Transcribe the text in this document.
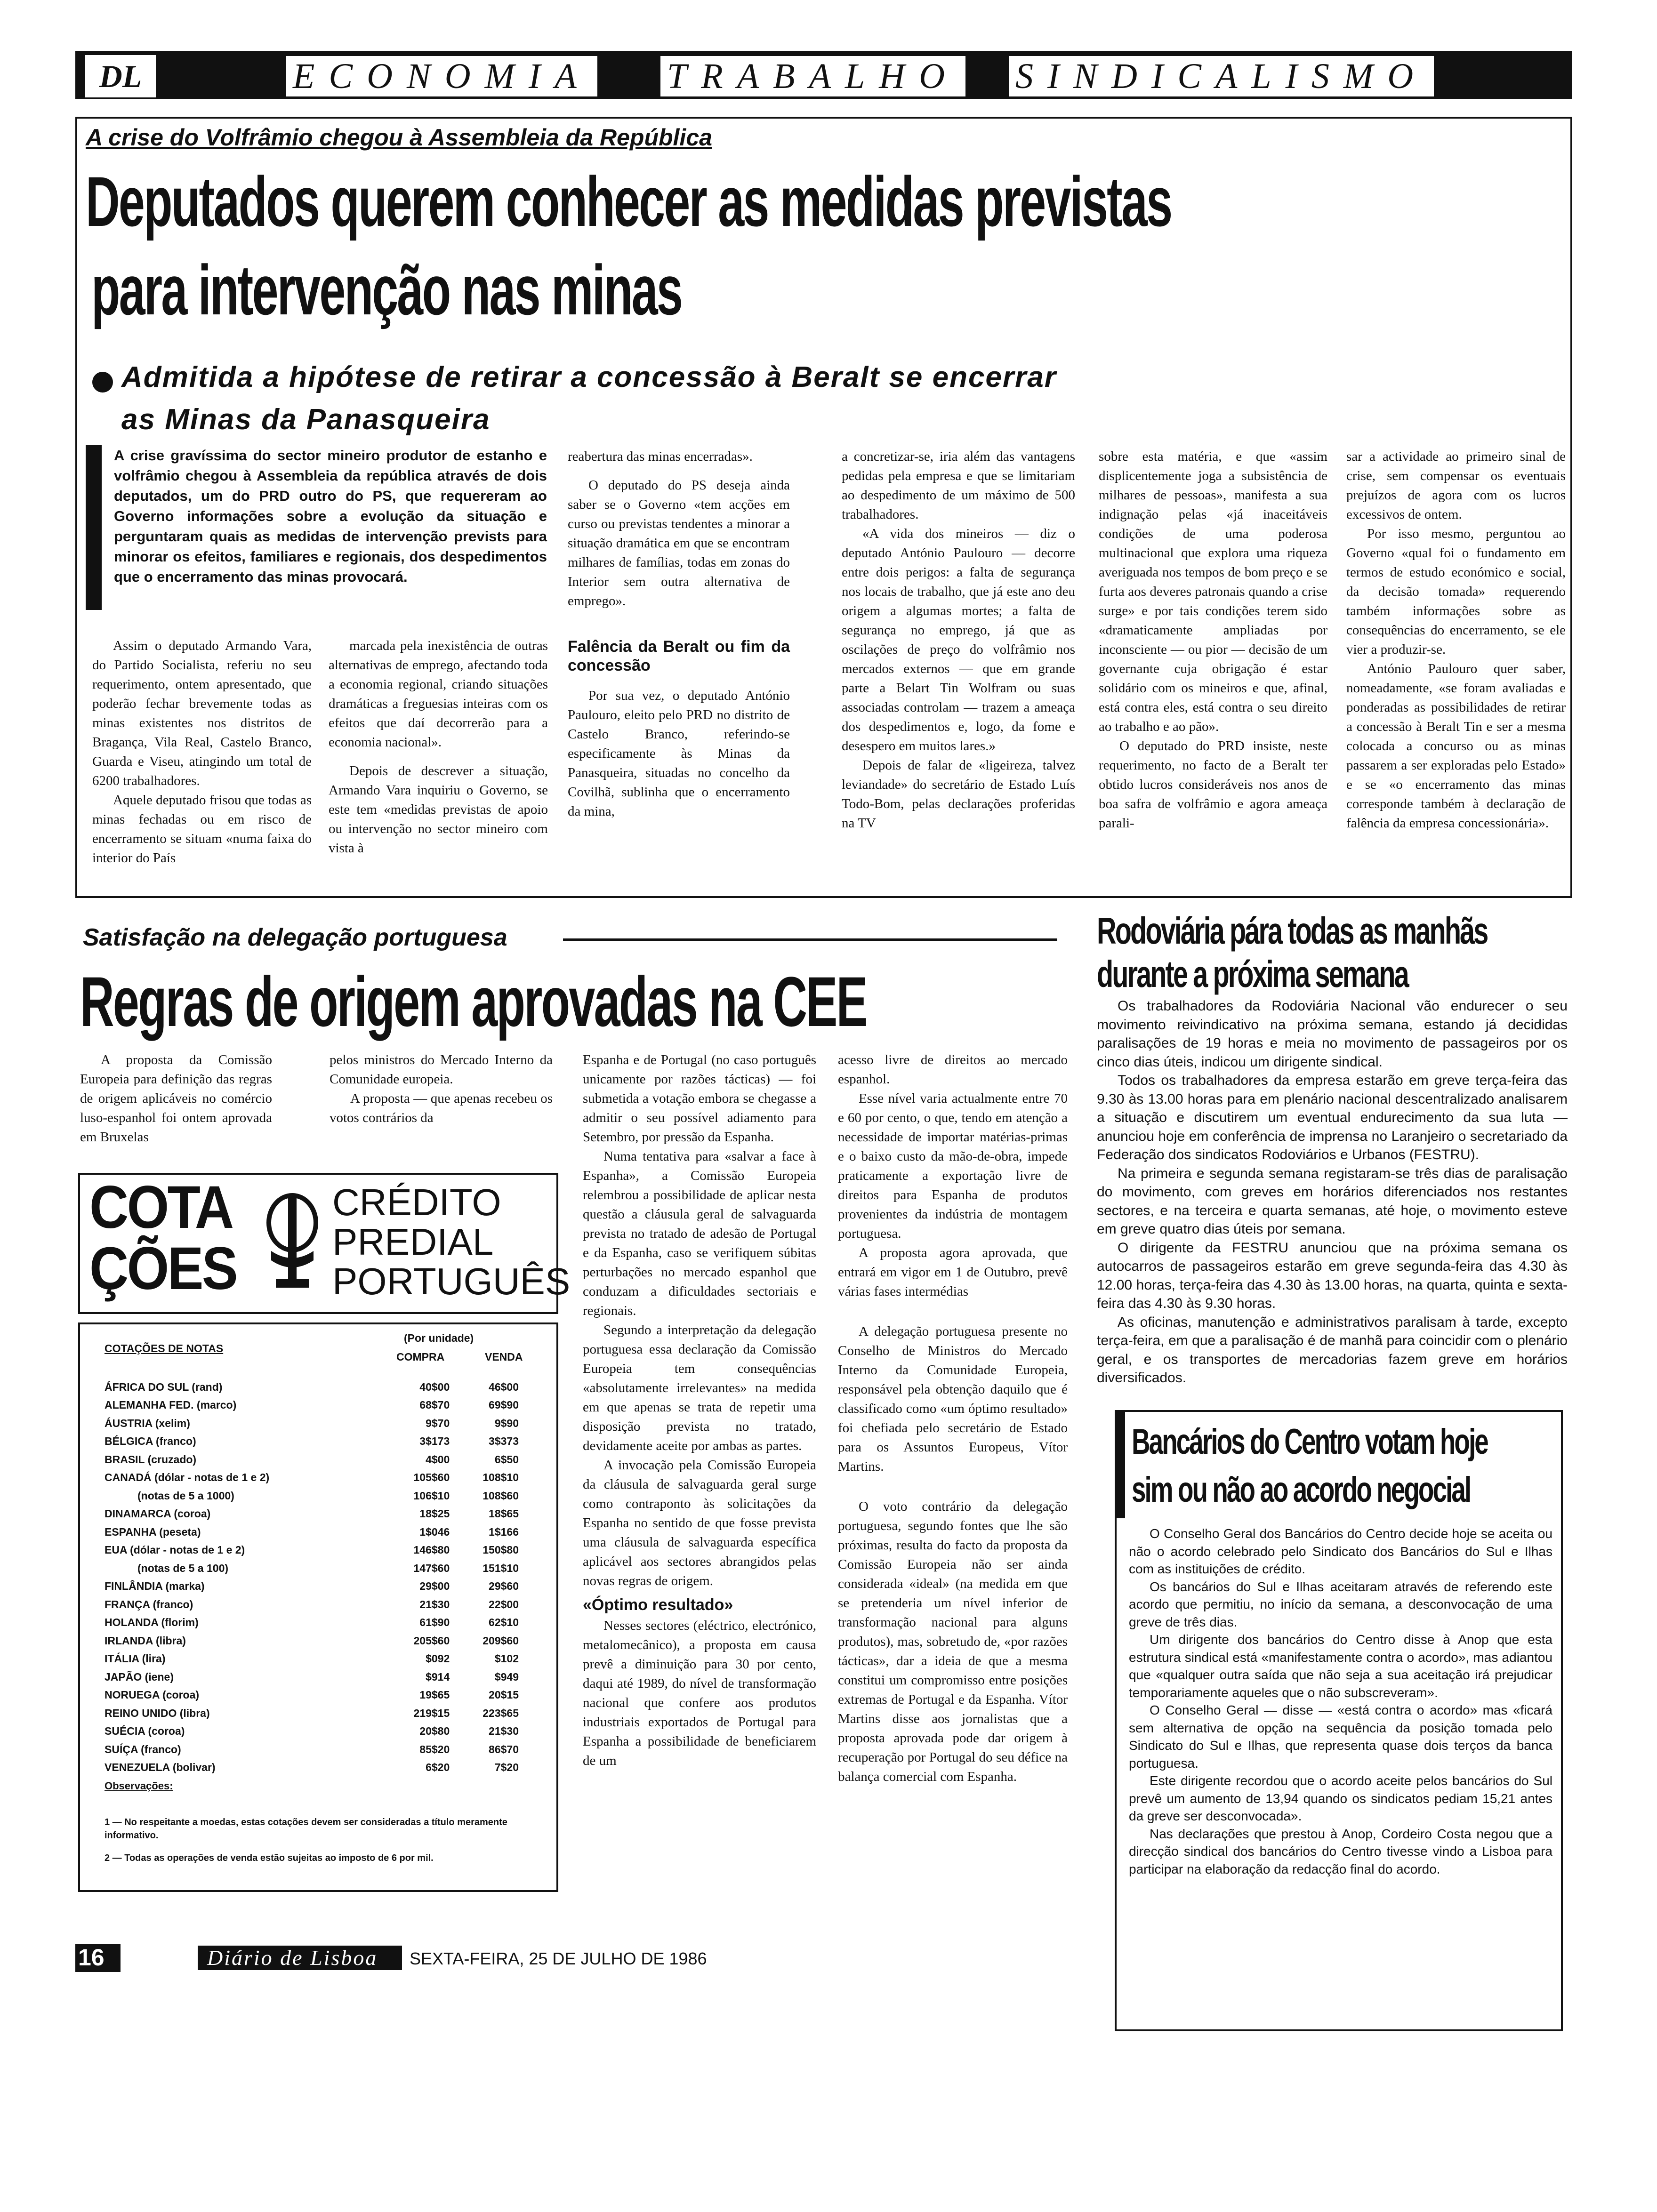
DL	ECONOMIA TRABALHO SINDICALISMO
A crise do Volfrâmio chegou à Assembleia da República
Deputados querem conhecer as medidas previstas
para intervenção nas minas
Admitida a hipótese de retirar a concessão à Beralt se encerrar
as Minas da Panasqueira
A crise gravíssima do sector mineiro produtor de estanho e volfrâmio chegou à Assembleia da república através de dois deputados, um do PRD outro do PS, que requereram ao Governo informações sobre a evolução da situação e perguntaram quais as medidas de intervenção prevists para minorar os efeitos, familiares e regionais, dos despedimentos que o encerramento das minas provocará.

Assim o deputado Armando Vara, do Partido Socialista, referiu no seu requerimento, ontem apresentado, que poderão fechar brevemente todas as minas existentes nos distritos de Bragança, Vila Real, Castelo Branco, Guarda e Viseu, atingindo um total de 6200 trabalhadores.

Aquele deputado frisou que todas as minas fechadas ou em risco de encerramento se situam «numa faixa do interior do País

marcada pela inexistência de outras alternativas de emprego, afectando toda a economia regional, criando situações dramáticas a freguesias inteiras com os efeitos que daí decorrerão para a economia nacional».

Depois de descrever a situação, Armando Vara inquiriu o Governo, se este tem «medidas previstas de apoio ou intervenção no sector mineiro com vista à

reabertura das minas encerradas».

O deputado do PS deseja ainda saber se o Governo «tem acções em curso ou previstas tendentes a minorar a situação dramática em que se encontram milhares de famílias, todas em zonas do Interior sem outra alternativa de emprego».

Falência da Beralt ou fim da concessão

Por sua vez, o deputado António Paulouro, eleito pelo PRD no distrito de Castelo Branco, referindo-se especificamente às Minas da Panasqueira, situadas no concelho da Covilhã, sublinha que o encerramento da mina,

a concretizar-se, iria além das vantagens pedidas pela empresa e que se limitariam ao despedimento de um máximo de 500 trabalhadores.

«A vida dos mineiros — diz o deputado António Paulouro — decorre entre dois perigos: a falta de segurança nos locais de trabalho, que já este ano deu origem a algumas mortes; a falta de segurança no emprego, já que as oscilações de preço do volfrâmio nos mercados externos — que em grande parte a Belart Tin Wolfram ou suas associadas controlam — trazem a ameaça dos despedimentos e, logo, da fome e desespero em muitos lares.»

Depois de falar de «ligeireza, talvez leviandade» do secretário de Estado Luís Todo-Bom, pelas declarações proferidas na TV

sobre esta matéria, e que «assim displicentemente joga a subsistência de milhares de pessoas», manifesta a sua indignação pelas «já inaceitáveis condições de uma poderosa multinacional que explora uma riqueza averiguada nos tempos de bom preço e se furta aos deveres patronais quando a crise surge» e por tais condições terem sido «dramaticamente ampliadas por inconsciente — ou pior — decisão de um governante cuja obrigação é estar solidário com os mineiros e que, afinal, está contra eles, está contra o seu direito ao trabalho e ao pão».

O deputado do PRD insiste, neste requerimento, no facto de a Beralt ter obtido lucros consideráveis nos anos de boa safra de volfrâmio e agora ameaça parali-

sar a actividade ao primeiro sinal de crise, sem compensar os eventuais prejuízos de agora com os lucros excessivos de ontem.

Por isso mesmo, perguntou ao Governo «qual foi o fundamento em termos de estudo económico e social, da decisão tomada» requerendo também informações sobre as consequências do encerramento, se ele vier a produzir-se.

António Paulouro quer saber, nomeadamente, «se foram avaliadas e ponderadas as possibilidades de retirar a concessão à Beralt Tin e ser a mesma colocada a concurso ou as minas passarem a ser exploradas pelo Estado» e se «o encerramento das minas corresponde também à declaração de falência da empresa concessionária».

Satisfação na delegação portuguesa
Regras de origem aprovadas na CEE

A proposta da Comissão Europeia para definição das regras de origem aplicáveis no comércio luso-espanhol foi ontem aprovada em Bruxelas

pelos ministros do Mercado Interno da Comunidade europeia.

A proposta — que apenas recebeu os votos contrários da

Espanha e de Portugal (no caso português unicamente por razões tácticas) — foi submetida a votação embora se chegasse a admitir o seu possível adiamento para Setembro, por pressão da Espanha.

Numa tentativa para «salvar a face à Espanha», a Comissão Europeia relembrou a possibilidade de aplicar nesta questão a cláusula geral de salvaguarda prevista no tratado de adesão de Portugal e da Espanha, caso se verifiquem súbitas perturbações no mercado espanhol que conduzam a dificuldades sectoriais e regionais.

Segundo a interpretação da delegação portuguesa essa declaração da Comissão Europeia tem consequências «absolutamente irrelevantes» na medida em que apenas se trata de repetir uma disposição prevista no tratado, devidamente aceite por ambas as partes.

A invocação pela Comissão Europeia da cláusula de salvaguarda geral surge como contraponto às solicitações da Espanha no sentido de que fosse prevista uma cláusula de salvaguarda específica aplicável aos sectores abrangidos pelas novas regras de origem.

«Óptimo resultado»

Nesses sectores (eléctrico, electrónico, metalomecânico), a proposta em causa prevê a diminuição para 30 por cento, daqui até 1989, do nível de transformação nacional que confere aos produtos industriais exportados de Portugal para Espanha a possibilidade de beneficiarem de um

acesso livre de direitos ao mercado espanhol.

Esse nível varia actualmente entre 70 e 60 por cento, o que, tendo em atenção a necessidade de importar matérias-primas e o baixo custo da mão-de-obra, impede praticamente a exportação livre de direitos para Espanha de produtos provenientes da indústria de montagem portuguesa.

A proposta agora aprovada, que entrará em vigor em 1 de Outubro, prevê várias fases intermédias

A delegação portuguesa presente no Conselho de Ministros do Mercado Interno da Comunidade Europeia, responsável pela obtenção daquilo que é classificado como «um óptimo resultado» foi chefiada pelo secretário de Estado para os Assuntos Europeus, Vítor Martins.

O voto contrário da delegação portuguesa, segundo fontes que lhe são próximas, resulta do facto da proposta da Comissão Europeia não ser ainda considerada «ideal» (na medida em que se pretenderia um nível inferior de transformação nacional para alguns produtos), mas, sobretudo de, «por razões tácticas», dar a ideia de que a mesma constitui um compromisso entre posições extremas de Portugal e da Espanha. Vítor Martins disse aos jornalistas que a proposta aprovada pode dar origem à recuperação por Portugal do seu défice na balança comercial com Espanha.

COTA
ÇÕES
CRÉDITO
PREDIAL
PORTUGUÊS
(Por unidade)
COTAÇÕES DE NOTAS
COMPRA	VENDA
ÁFRICA DO SUL (rand)	40$00	46$00
ALEMANHA FED. (marco)	68$70	69$90
ÁUSTRIA (xelim)	9$70	9$90
BÉLGICA (franco)	3$173	3$373
BRASIL (cruzado)	4$00	6$50
CANADÁ (dólar - notas de 1 e 2)	105$60	108$10
(notas de 5 a 1000)	106$10	108$60
DINAMARCA (coroa)	18$25	18$65
ESPANHA (peseta)	1$046	1$166
EUA (dólar - notas de 1 e 2)	146$80	150$80
(notas de 5 a 100)	147$60	151$10
FINLÂNDIA (marka)	29$00	29$60
FRANÇA (franco)	21$30	22$00
HOLANDA (florim)	61$90	62$10
IRLANDA (libra)	205$60	209$60
ITÁLIA (lira)	$092	$102
JAPÃO (iene)	$914	$949
NORUEGA (coroa)	19$65	20$15
REINO UNIDO (libra)	219$15	223$65
SUÉCIA (coroa)	20$80	21$30
SUÍÇA (franco)	85$20	86$70
VENEZUELA (bolivar)	6$20	7$20
Observações:
1 — No respeitante a moedas, estas cotações devem ser consideradas a título meramente informativo.
2 — Todas as operações de venda estão sujeitas ao imposto de 6 por mil.
Rodoviária pára todas as manhãs
durante a próxima semana

Os trabalhadores da Rodoviária Nacional vão endurecer o seu movimento reivindicativo na próxima semana, estando já decididas paralisações de 19 horas e meia no movimento de passageiros por os cinco dias úteis, indicou um dirigente sindical.

Todos os trabalhadores da empresa estarão em greve terça-feira das 9.30 às 13.00 horas para em plenário nacional descentralizado analisarem a situação e discutirem um eventual endurecimento da sua luta — anunciou hoje em conferência de imprensa no Laranjeiro o secretariado da Federação dos sindicatos Rodoviários e Urbanos (FESTRU).

Na primeira e segunda semana registaram-se três dias de paralisação do movimento, com greves em horários diferenciados nos restantes sectores, e na terceira e quarta semanas, até hoje, o movimento esteve em greve quatro dias úteis por semana.

O dirigente da FESTRU anunciou que na próxima semana os autocarros de passageiros estarão em greve segunda-feira das 4.30 às 12.00 horas, terça-feira das 4.30 às 13.00 horas, na quarta, quinta e sexta-feira das 4.30 às 9.30 horas.

As oficinas, manutenção e administrativos paralisam à tarde, excepto terça-feira, em que a paralisação é de manhã para coincidir com o plenário geral, e os transportes de mercadorias fazem greve em horários diversificados.

Bancários do Centro votam hoje
sim ou não ao acordo negocial

O Conselho Geral dos Bancários do Centro decide hoje se aceita ou não o acordo celebrado pelo Sindicato dos Bancários do Sul e Ilhas com as instituições de crédito.

Os bancários do Sul e Ilhas aceitaram através de referendo este acordo que permitiu, no início da semana, a desconvocação de uma greve de três dias.

Um dirigente dos bancários do Centro disse à Anop que esta estrutura sindical está «manifestamente contra o acordo», mas adiantou que «qualquer outra saída que não seja a sua aceitação irá prejudicar temporariamente aqueles que o não subscreveram».

O Conselho Geral — disse — «está contra o acordo» mas «ficará sem alternativa de opção na sequência da posição tomada pelo Sindicato do Sul e Ilhas, que representa quase dois terços da banca portuguesa.

Este dirigente recordou que o acordo aceite pelos bancários do Sul prevê um aumento de 13,94 quando os sindicatos pediam 15,21 antes da greve ser desconvocada».

Nas declarações que prestou à Anop, Cordeiro Costa negou que a direcção sindical dos bancários do Centro tivesse vindo a Lisboa para participar na elaboração da redacção final do acordo.

16	Diário de Lisboa SEXTA-FEIRA, 25 DE JULHO DE 1986
